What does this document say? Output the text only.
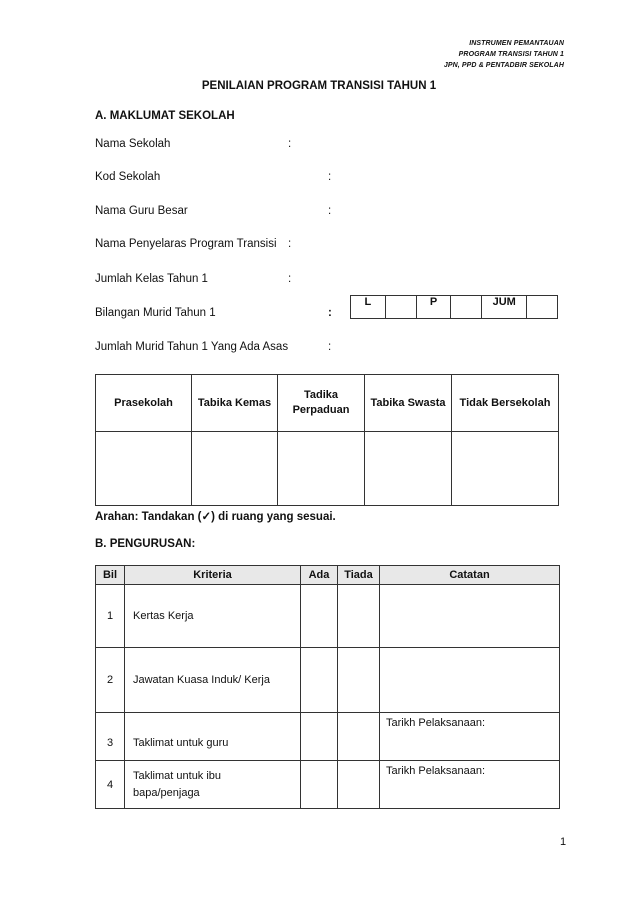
INSTRUMEN PEMANTAUAN
PROGRAM TRANSISI TAHUN 1
JPN, PPD & PENTADBIR SEKOLAH
PENILAIAN PROGRAM TRANSISI TAHUN 1
A. MAKLUMAT SEKOLAH
Nama Sekolah	:
Kod Sekolah	:
Nama Guru Besar	:
Nama Penyelaras Program Transisi :
Jumlah Kelas Tahun 1	:
Bilangan Murid Tahun 1	:
L		P		JUM	
Jumlah Murid Tahun 1 Yang Ada Asas	:
Prasekolah	Tabika Kemas	Tadika Perpaduan	Tabika Swasta	Tidak Bersekolah

Arahan: Tandakan (✓) di ruang yang sesuai.
B. PENGURUSAN:
Bil	Kriteria	Ada	Tiada	Catatan
1	Kertas Kerja			
2	Jawatan Kuasa Induk/ Kerja			
3	Taklimat untuk guru			Tarikh Pelaksanaan:
4	Taklimat untuk ibu bapa/penjaga			Tarikh Pelaksanaan:
1
